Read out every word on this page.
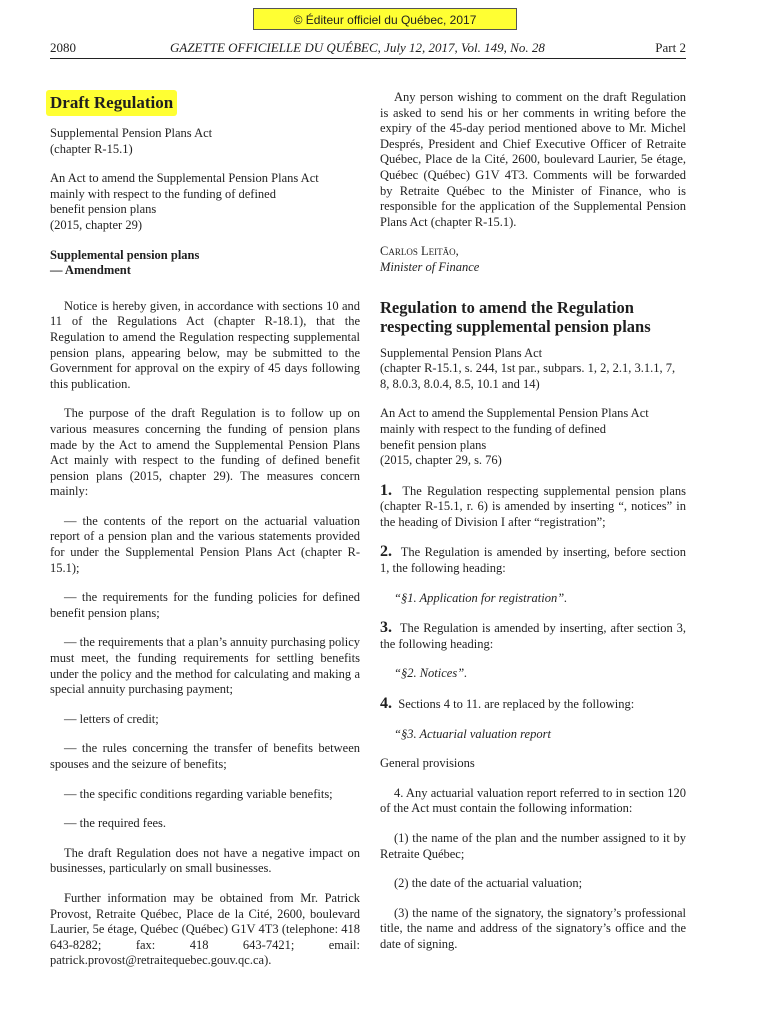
© Éditeur officiel du Québec, 2017
2080	GAZETTE OFFICIELLE DU QUÉBEC, July 12, 2017, Vol. 149, No. 28	Part 2
Draft Regulation

Supplemental Pension Plans Act
(chapter R-15.1)

An Act to amend the Supplemental Pension Plans Act
mainly with respect to the funding of defined
benefit pension plans
(2015, chapter 29)

Supplemental pension plans
— Amendment

Notice is hereby given, in accordance with sections 10 and 11 of the Regulations Act (chapter R-18.1), that the Regulation to amend the Regulation respecting supplemental pension plans, appearing below, may be submitted to the Government for approval on the expiry of 45 days following this publication.

The purpose of the draft Regulation is to follow up on various measures concerning the funding of pension plans made by the Act to amend the Supplemental Pension Plans Act mainly with respect to the funding of defined benefit pension plans (2015, chapter 29). The measures concern mainly:

— the contents of the report on the actuarial valuation report of a pension plan and the various statements provided for under the Supplemental Pension Plans Act (chapter R-15.1);

— the requirements for the funding policies for defined benefit pension plans;

— the requirements that a plan’s annuity purchasing policy must meet, the funding requirements for settling benefits under the policy and the method for calculating and making a special annuity purchasing payment;

— letters of credit;

— the rules concerning the transfer of benefits between spouses and the seizure of benefits;

— the specific conditions regarding variable benefits;

— the required fees.

The draft Regulation does not have a negative impact on businesses, particularly on small businesses.

Further information may be obtained from Mr. Patrick Provost, Retraite Québec, Place de la Cité, 2600, boulevard Laurier, 5e étage, Québec (Québec) G1V 4T3 (telephone: 418 643-8282; fax: 418 643-7421; email: patrick.provost@retraitequebec.gouv.qc.ca).

Any person wishing to comment on the draft Regulation is asked to send his or her comments in writing before the expiry of the 45-day period mentioned above to Mr. Michel Després, President and Chief Executive Officer of Retraite Québec, Place de la Cité, 2600, boulevard Laurier, 5e étage, Québec (Québec) G1V 4T3. Comments will be forwarded by Retraite Québec to the Minister of Finance, who is responsible for the application of the Supplemental Pension Plans Act (chapter R-15.1).

Carlos Leitão,
Minister of Finance

Regulation to amend the Regulation respecting supplemental pension plans

Supplemental Pension Plans Act
(chapter R-15.1, s. 244, 1st par., subpars. 1, 2, 2.1, 3.1.1, 7, 8, 8.0.3, 8.0.4, 8.5, 10.1 and 14)

An Act to amend the Supplemental Pension Plans Act
mainly with respect to the funding of defined
benefit pension plans
(2015, chapter 29, s. 76)

1. The Regulation respecting supplemental pension plans (chapter R-15.1, r. 6) is amended by inserting “, notices” in the heading of Division I after “registration”;

2. The Regulation is amended by inserting, before section 1, the following heading:

“§1. Application for registration”.

3. The Regulation is amended by inserting, after section 3, the following heading:

“§2. Notices”.

4. Sections 4 to 11. are replaced by the following:

“§3. Actuarial valuation report

General provisions

4. Any actuarial valuation report referred to in section 120 of the Act must contain the following information:

(1) the name of the plan and the number assigned to it by Retraite Québec;

(2) the date of the actuarial valuation;

(3) the name of the signatory, the signatory’s professional title, the name and address of the signatory’s office and the date of signing.
